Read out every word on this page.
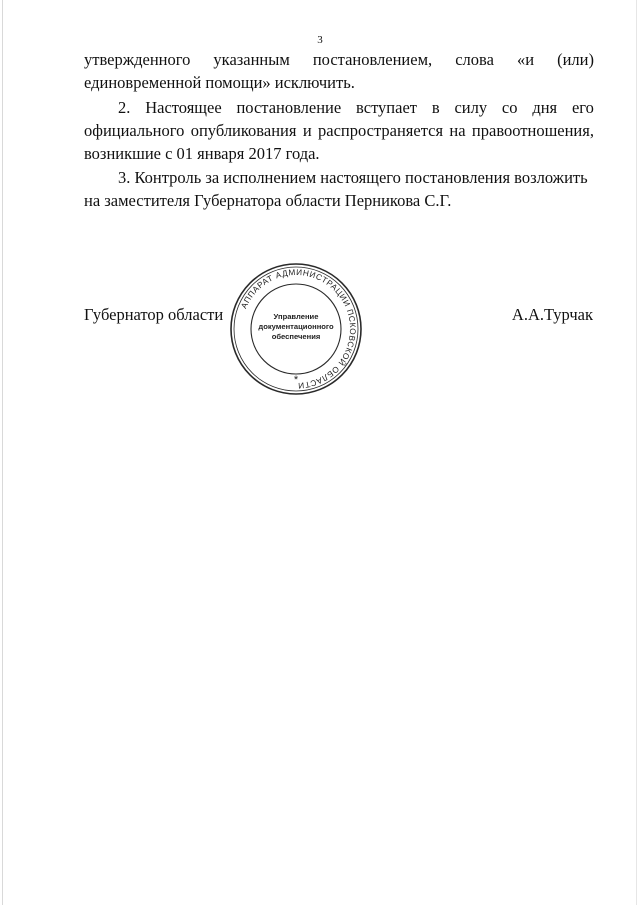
3
утвержденного указанным постановлением, слова «и (или)
единовременной помощи» исключить.
2. Настоящее постановление вступает в силу со дня его
официального опубликования и распространяется на правоотношения,
возникшие с 01 января 2017 года.
3. Контроль за исполнением настоящего постановления возложить
на заместителя Губернатора области Перникова С.Г.
Губернатор области	А.А.Турчак
АППАРАТ АДМИНИСТРАЦИИ ПСКОВСКОЙ ОБЛАСТИ
Управление
документационного
обеспечения
*
